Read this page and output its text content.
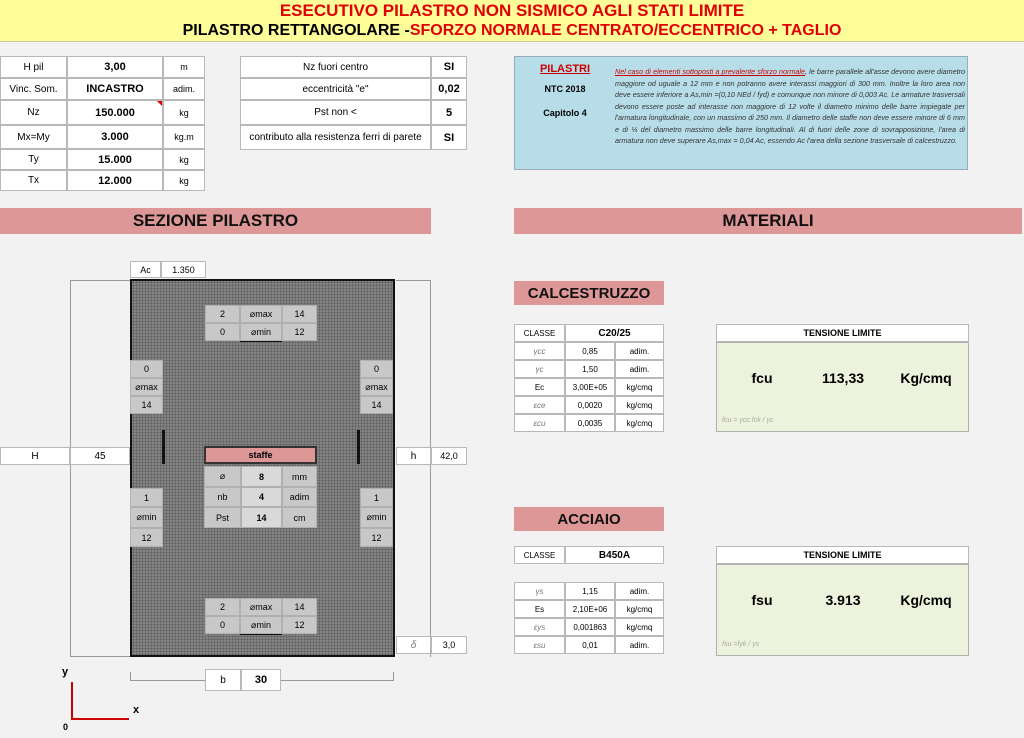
ESECUTIVO PILASTRO NON SISMICO AGLI STATI LIMITE
PILASTRO RETTANGOLARE - SFORZO NORMALE CENTRATO/ECCENTRICO + TAGLIO
H pil	3,00	m
Vinc. Som.	INCASTRO	adim.
Nz	150.000	kg
Mx=My	3.000	kg.m
Ty	15.000	kg
Tx	12.000	kg
Nz fuori centro	SI
eccentricità "e"	0,02
Pst non <	5
contributo alla resistenza ferri di parete	SI
PILASTRI
NTC 2018
Capitolo 4
Nel caso di elementi sottoposti a prevalente sforzo normale, le barre parallele all'asse devono avere diametro maggiore od uguale a 12 mm e non potranno avere interassi maggiori di 300 mm. Inoltre la loro area non deve essere inferiore a As,min =(0,10 NEd / fyd) e comunque non minore di 0,003 Ac. Le armature trasversali devono essere poste ad interasse non maggiore di 12 volte il diametro minimo delle barre impiegate per l'armatura longitudinale, con un massimo di 250 mm. Il diametro delle staffe non deve essere minore di 6 mm e di ¼ del diametro massimo delle barre longitudinali. Al di fuori delle zone di sovrapposizione, l'area di armatura non deve superare As,max = 0,04 Ac, essendo Ac l'area della sezione trasversale di calcestruzzo.
SEZIONE PILASTRO	MATERIALI
Ac	1.350
2	⌀max	14
0	⌀min	12
2	⌀max	14
0	⌀min	12
0
⌀max
14
0
⌀max
14
1
⌀min
12
1
⌀min
12
staffe
⌀	8	mm
nb	4	adim
Pst	14	cm
H	45	h	42,0
δ	3,0
b	30
y
x
0
CALCESTRUZZO
CLASSE	C20/25
γcc	0,85	adim.
γc	1,50	adim.
Ec	3,00E+05	kg/cmq
εce	0,0020	kg/cmq
εcu	0,0035	kg/cmq
TENSIONE LIMITE
fcu	113,33	Kg/cmq
fcu = γcc.fck / γc
ACCIAIO
CLASSE	B450A
γs	1,15	adim.
Es	2,10E+06	kg/cmq
εys	0,001863	kg/cmq
εsu	0,01	adim.
TENSIONE LIMITE
fsu	3.913	Kg/cmq
fsu =fyk / γs
